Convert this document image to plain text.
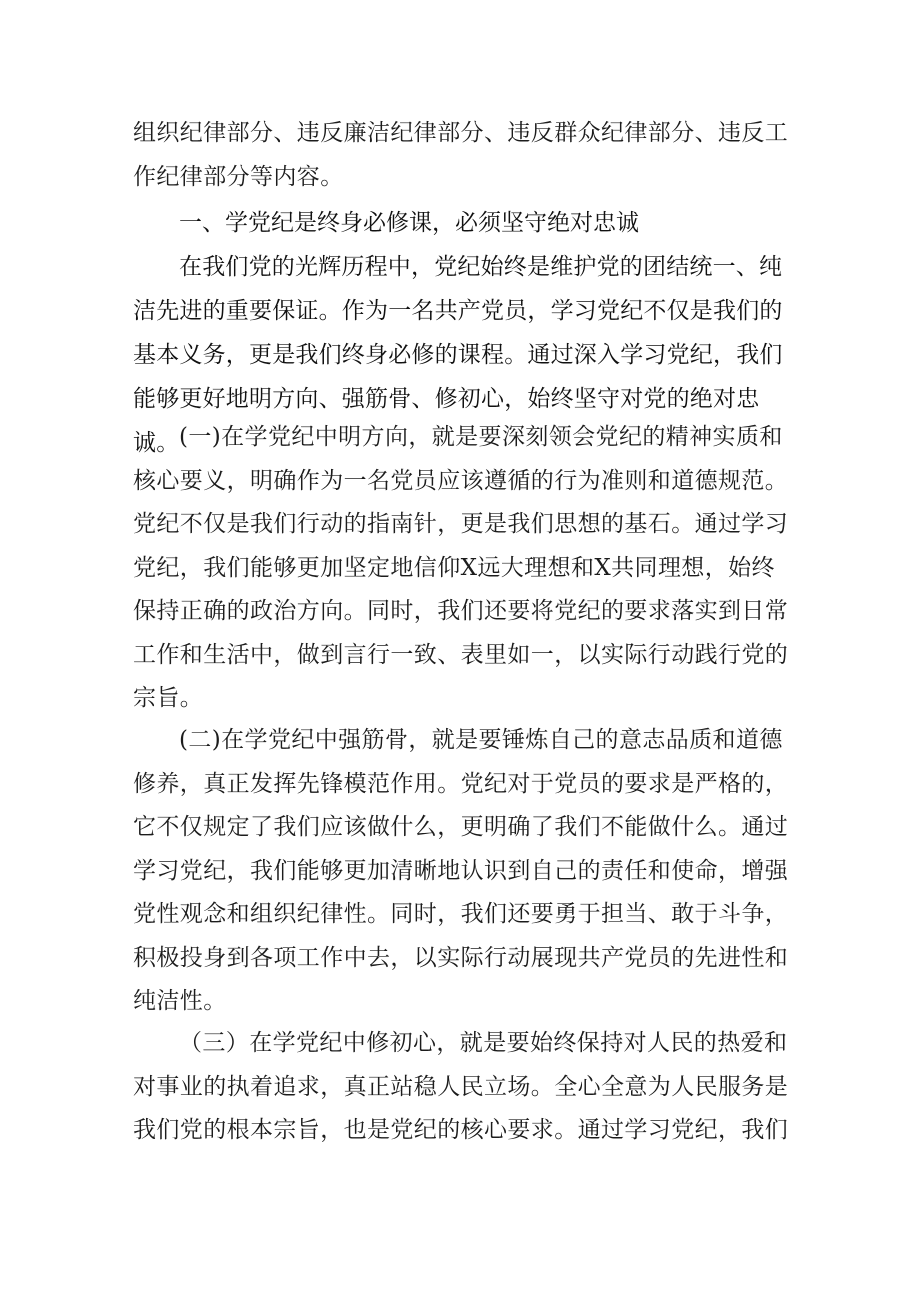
组织纪律部分、违反廉洁纪律部分、违反群众纪律部分、违反工作纪律部分等内容。

一、学党纪是终身必修课，必须坚守绝对忠诚

在我们党的光辉历程中，党纪始终是维护党的团结统一、纯洁先进的重要保证。作为一名共产党员，学习党纪不仅是我们的基本义务，更是我们终身必修的课程。通过深入学习党纪，我们能够更好地明方向、强筋骨、修初心，始终坚守对党的绝对忠诚。 (一)在学党纪中明方向，就是要深刻领会党纪的精神实质和核心要义，明确作为一名党员应该遵循的行为准则和道德规范。党纪不仅是我们行动的指南针，更是我们思想的基石。通过学习党纪，我们能够更加坚定地信仰X远大理想和X共同理想，始终保持正确的政治方向。同时，我们还要将党纪的要求落实到日常工作和生活中，做到言行一致、表里如一，以实际行动践行党的宗旨。

(二)在学党纪中强筋骨，就是要锤炼自己的意志品质和道德修养，真正发挥先锋模范作用。党纪对于党员的要求是严格的，它不仅规定了我们应该做什么，更明确了我们不能做什么。通过学习党纪，我们能够更加清晰地认识到自己的责任和使命，增强党性观念和组织纪律性。同时，我们还要勇于担当、敢于斗争，积极投身到各项工作中去，以实际行动展现共产党员的先进性和纯洁性。

（三）在学党纪中修初心，就是要始终保持对人民的热爱和对事业的执着追求，真正站稳人民立场。全心全意为人民服务是我们党的根本宗旨，也是党纪的核心要求。通过学习党纪，我们
